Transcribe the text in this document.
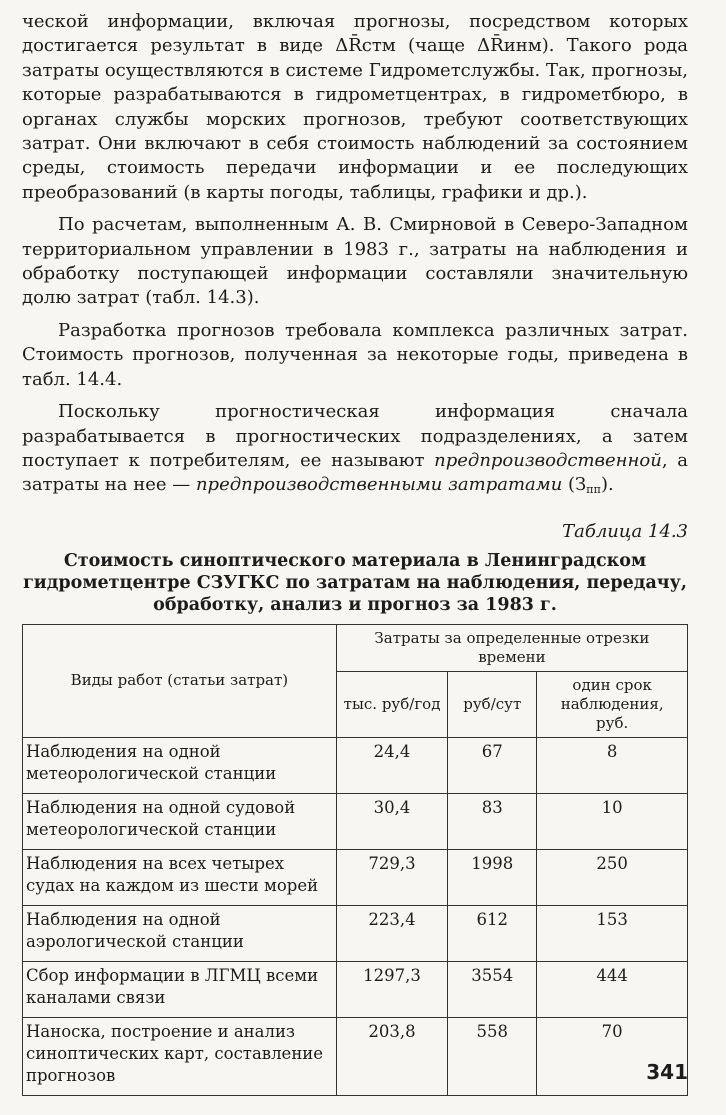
ческой информации, включая прогнозы, посредством которых достигается результат в виде ΔR̄стм (чаще ΔR̄инм). Такого рода затраты осуществляются в системе Гидрометслужбы. Так, прогнозы, которые разрабатываются в гидрометцентрах, в гидрометбюро, в органах службы морских прогнозов, требуют соответствующих затрат. Они включают в себя стоимость наблюдений за состоянием среды, стоимость передачи информации и ее последующих преобразований (в карты погоды, таблицы, графики и др.).

По расчетам, выполненным А. В. Смирновой в Северо-Западном территориальном управлении в 1983 г., затраты на наблюдения и обработку поступающей информации составляли значительную долю затрат (табл. 14.3).

Разработка прогнозов требовала комплекса различных затрат. Стоимость прогнозов, полученная за некоторые годы, приведена в табл. 14.4.

Поскольку прогностическая информация сначала разрабатывается в прогностических подразделениях, а затем поступает к потребителям, ее называют предпроизводственной, а затраты на нее — предпроизводственными затратами $(З_{пп})$.

Таблица 14.3

Стоимость синоптического материала в Ленинградском гидрометцентре СЗУГКС по затратам на наблюдения, передачу, обработку, анализ и прогноз за 1983 г.

Виды работ (статьи затрат)	Затраты за определенные отрезки времени		
	тыс. руб/год	руб/сут	один срок наблюдения, руб.
Наблюдения на одной метеорологической станции	24,4	67	8
Наблюдения на одной судовой метеорологической станции	30,4	83	10
Наблюдения на всех четырех судах на каждом из шести морей	729,3	1998	250
Наблюдения на одной аэрологической станции	223,4	612	153
Сбор информации в ЛГМЦ всеми каналами связи	1297,3	3554	444
Наноска, построение и анализ синоптических карт, составление прогнозов	203,8	558	70
341
